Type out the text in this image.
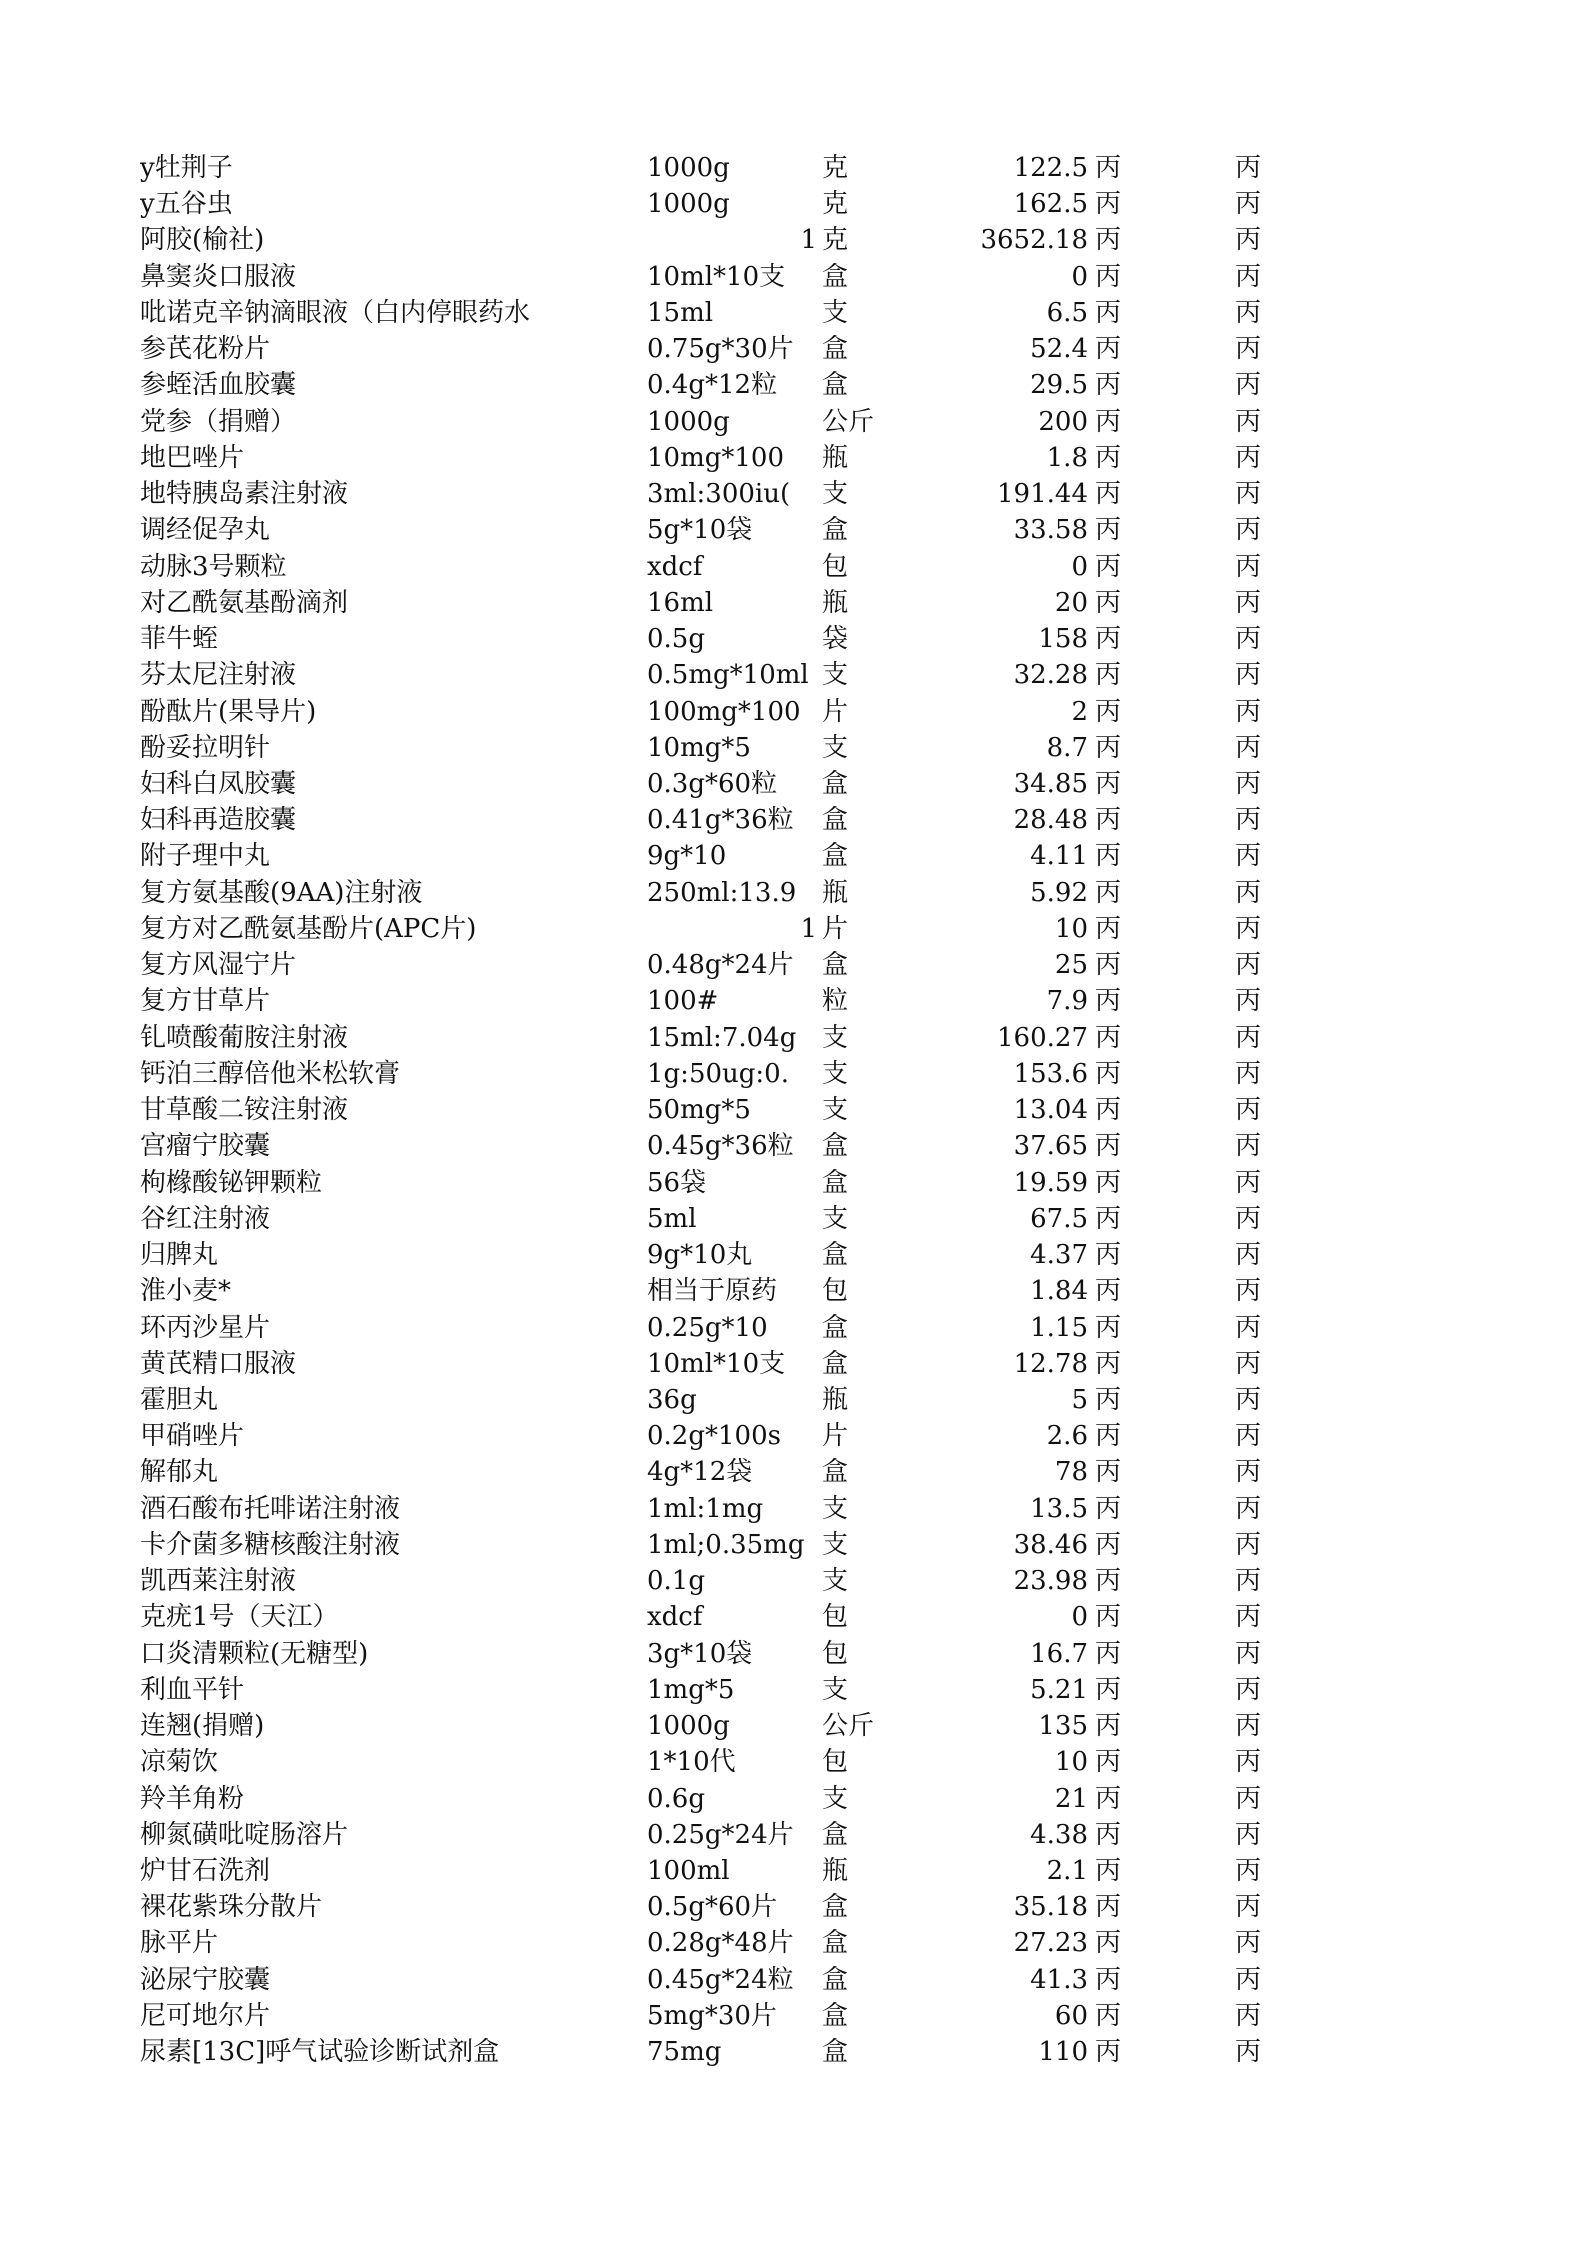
y牡荆子	1000g	克	122.5 丙	丙
y五谷虫	1000g	克	162.5 丙	丙
阿胶(榆社)	1 克	3652.18 丙	丙
鼻窦炎口服液	10ml*10支	盒	0 丙	丙
吡诺克辛钠滴眼液（白内停眼药水	15ml	支	6.5 丙	丙
参芪花粉片	0.75g*30片	盒	52.4 丙	丙
参蛭活血胶囊	0.4g*12粒	盒	29.5 丙	丙
党参（捐赠）	1000g	公斤	200 丙	丙
地巴唑片	10mg*100	瓶	1.8 丙	丙
地特胰岛素注射液	3ml:300iu(	支	191.44 丙	丙
调经促孕丸	5g*10袋	盒	33.58 丙	丙
动脉3号颗粒	xdcf	包	0 丙	丙
对乙酰氨基酚滴剂	16ml	瓶	20 丙	丙
菲牛蛭	0.5g	袋	158 丙	丙
芬太尼注射液	0.5mg*10ml 支	32.28 丙	丙
酚酞片(果导片)	100mg*100 片	2 丙	丙
酚妥拉明针	10mg*5	支	8.7 丙	丙
妇科白凤胶囊	0.3g*60粒	盒	34.85 丙	丙
妇科再造胶囊	0.41g*36粒	盒	28.48 丙	丙
附子理中丸	9g*10	盒	4.11 丙	丙
复方氨基酸(9AA)注射液	250ml:13.9 瓶	5.92 丙	丙
复方对乙酰氨基酚片(APC片)	1 片	10 丙	丙
复方风湿宁片	0.48g*24片	盒	25 丙	丙
复方甘草片	100#	粒	7.9 丙	丙
钆喷酸葡胺注射液	15ml:7.04g 支	160.27 丙	丙
钙泊三醇倍他米松软膏	1g:50ug:0.	支	153.6 丙	丙
甘草酸二铵注射液	50mg*5	支	13.04 丙	丙
宫瘤宁胶囊	0.45g*36粒	盒	37.65 丙	丙
枸橼酸铋钾颗粒	56袋	盒	19.59 丙	丙
谷红注射液	5ml	支	67.5 丙	丙
归脾丸	9g*10丸	盒	4.37 丙	丙
淮小麦*	相当于原药	包	1.84 丙	丙
环丙沙星片	0.25g*10	盒	1.15 丙	丙
黄芪精口服液	10ml*10支	盒	12.78 丙	丙
霍胆丸	36g	瓶	5 丙	丙
甲硝唑片	0.2g*100s	片	2.6 丙	丙
解郁丸	4g*12袋	盒	78 丙	丙
酒石酸布托啡诺注射液	1ml:1mg	支	13.5 丙	丙
卡介菌多糖核酸注射液	1ml;0.35mg 支	38.46 丙	丙
凯西莱注射液	0.1g	支	23.98 丙	丙
克疣1号（天江）	xdcf	包	0 丙	丙
口炎清颗粒(无糖型)	3g*10袋	包	16.7 丙	丙
利血平针	1mg*5	支	5.21 丙	丙
连翘(捐赠)	1000g	公斤	135 丙	丙
凉菊饮	1*10代	包	10 丙	丙
羚羊角粉	0.6g	支	21 丙	丙
柳氮磺吡啶肠溶片	0.25g*24片	盒	4.38 丙	丙
炉甘石洗剂	100ml	瓶	2.1 丙	丙
裸花紫珠分散片	0.5g*60片	盒	35.18 丙	丙
脉平片	0.28g*48片	盒	27.23 丙	丙
泌尿宁胶囊	0.45g*24粒	盒	41.3 丙	丙
尼可地尔片	5mg*30片	盒	60 丙	丙
尿素[13C]呼气试验诊断试剂盒	75mg	盒	110 丙	丙
